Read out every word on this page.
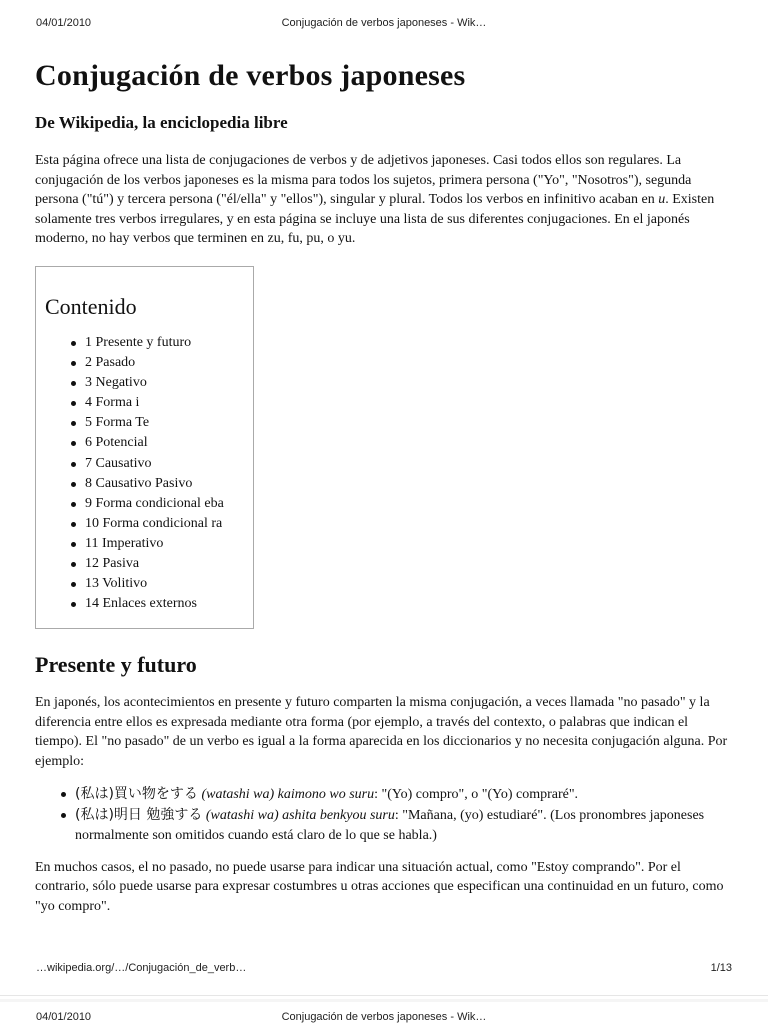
04/01/2010	Conjugación de verbos japoneses - Wik…
Conjugación de verbos japoneses
De Wikipedia, la enciclopedia libre

Esta página ofrece una lista de conjugaciones de verbos y de adjetivos japoneses. Casi todos ellos son regulares. La conjugación de los verbos japoneses es la misma para todos los sujetos, primera persona ("Yo", "Nosotros"), segunda persona ("tú") y tercera persona ("él/ella" y "ellos"), singular y plural. Todos los verbos en infinitivo acaban en u. Existen solamente tres verbos irregulares, y en esta página se incluye una lista de sus diferentes conjugaciones. En el japonés moderno, no hay verbos que terminen en zu, fu, pu, o yu.

Contenido
1 Presente y futuro
2 Pasado
3 Negativo
4 Forma i
5 Forma Te
6 Potencial
7 Causativo
8 Causativo Pasivo
9 Forma condicional eba
10 Forma condicional ra
11 Imperativo
12 Pasiva
13 Volitivo
14 Enlaces externos
Presente y futuro

En japonés, los acontecimientos en presente y futuro comparten la misma conjugación, a veces llamada "no pasado" y la diferencia entre ellos es expresada mediante otra forma (por ejemplo, a través del contexto, o palabras que indican el tiempo). El "no pasado" de un verbo es igual a la forma aparecida en los diccionarios y no necesita conjugación alguna. Por ejemplo:

(私は)買い物をする (watashi wa) kaimono wo suru: "(Yo) compro", o "(Yo) compraré".
(私は)明日 勉強する (watashi wa) ashita benkyou suru: "Mañana, (yo) estudiaré". (Los pronombres japoneses normalmente son omitidos cuando está claro de lo que se habla.)

En muchos casos, el no pasado, no puede usarse para indicar una situación actual, como "Estoy comprando". Por el contrario, sólo puede usarse para expresar costumbres u otras acciones que especifican una continuidad en un futuro, como "yo compro".

…wikipedia.org/…/Conjugación_de_verb…	1/13
04/01/2010	Conjugación de verbos japoneses - Wik…
